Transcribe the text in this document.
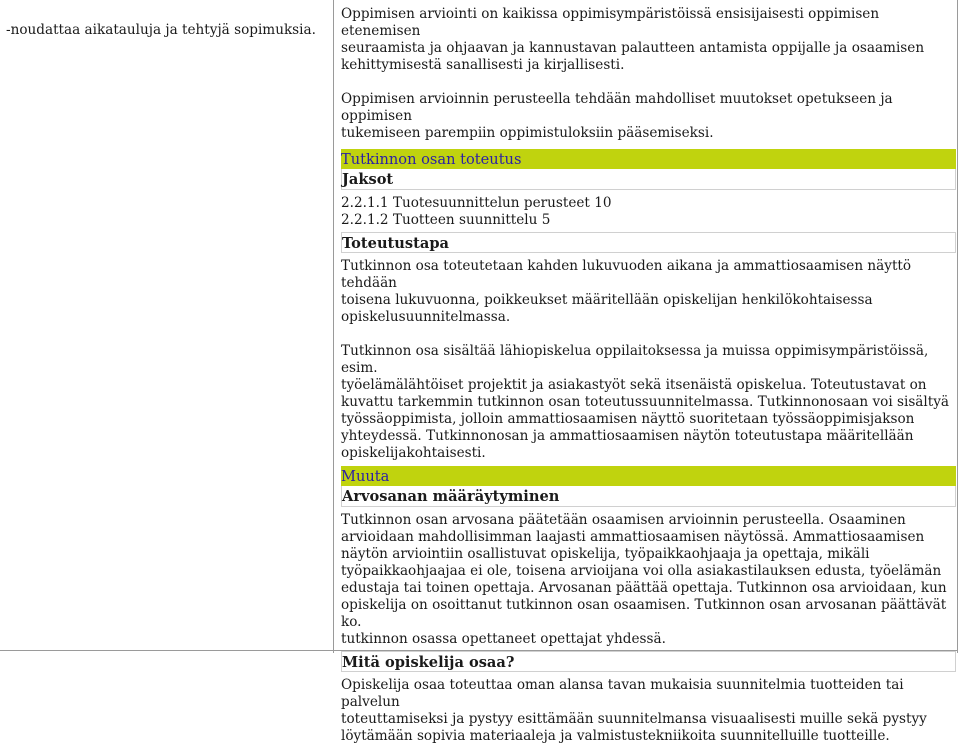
-noudattaa aikatauluja ja tehtyjä sopimuksia.

Oppimisen arviointi on kaikissa oppimisympäristöissä ensisijaisesti oppimisen etenemisen
seuraamista ja ohjaavan ja kannustavan palautteen antamista oppijalle ja osaamisen
kehittymisestä sanallisesti ja kirjallisesti.

Oppimisen arvioinnin perusteella tehdään mahdolliset muutokset opetukseen ja oppimisen
tukemiseen parempiin oppimistuloksiin pääsemiseksi.

Tutkinnon osan toteutus
Jaksot

2.2.1.1 Tuotesuunnittelun perusteet 10

2.2.1.2 Tuotteen suunnittelu 5

Toteutustapa

Tutkinnon osa toteutetaan kahden lukuvuoden aikana ja ammattiosaamisen näyttö tehdään
toisena lukuvuonna, poikkeukset määritellään opiskelijan henkilökohtaisessa
opiskelusuunnitelmassa.

Tutkinnon osa sisältää lähiopiskelua oppilaitoksessa ja muissa oppimisympäristöissä, esim.
työelämälähtöiset projektit ja asiakastyöt sekä itsenäistä opiskelua. Toteutustavat on
kuvattu tarkemmin tutkinnon osan toteutussuunnitelmassa. Tutkinnonosaan voi sisältyä
työssäoppimista, jolloin ammattiosaamisen näyttö suoritetaan työssäoppimisjakson
yhteydessä. Tutkinnonosan ja ammattiosaamisen näytön toteutustapa määritellään
opiskelijakohtaisesti.

Muuta
Arvosanan määräytyminen

Tutkinnon osan arvosana päätetään osaamisen arvioinnin perusteella. Osaaminen
arvioidaan mahdollisimman laajasti ammattiosaamisen näytössä. Ammattiosaamisen
näytön arviointiin osallistuvat opiskelija, työpaikkaohjaaja ja opettaja, mikäli
työpaikkaohjaajaa ei ole, toisena arvioijana voi olla asiakastilauksen edusta, työelämän
edustaja tai toinen opettaja. Arvosanan päättää opettaja. Tutkinnon osa arvioidaan, kun
opiskelija on osoittanut tutkinnon osan osaamisen. Tutkinnon osan arvosanan päättävät ko.
tutkinnon osassa opettaneet opettajat yhdessä.

Mitä opiskelija osaa?

Opiskelija osaa toteuttaa oman alansa tavan mukaisia suunnitelmia tuotteiden tai palvelun
toteuttamiseksi ja pystyy esittämään suunnitelmansa visuaalisesti muille sekä pystyy
löytämään sopivia materiaaleja ja valmistustekniikoita suunnitelluille tuotteille.
